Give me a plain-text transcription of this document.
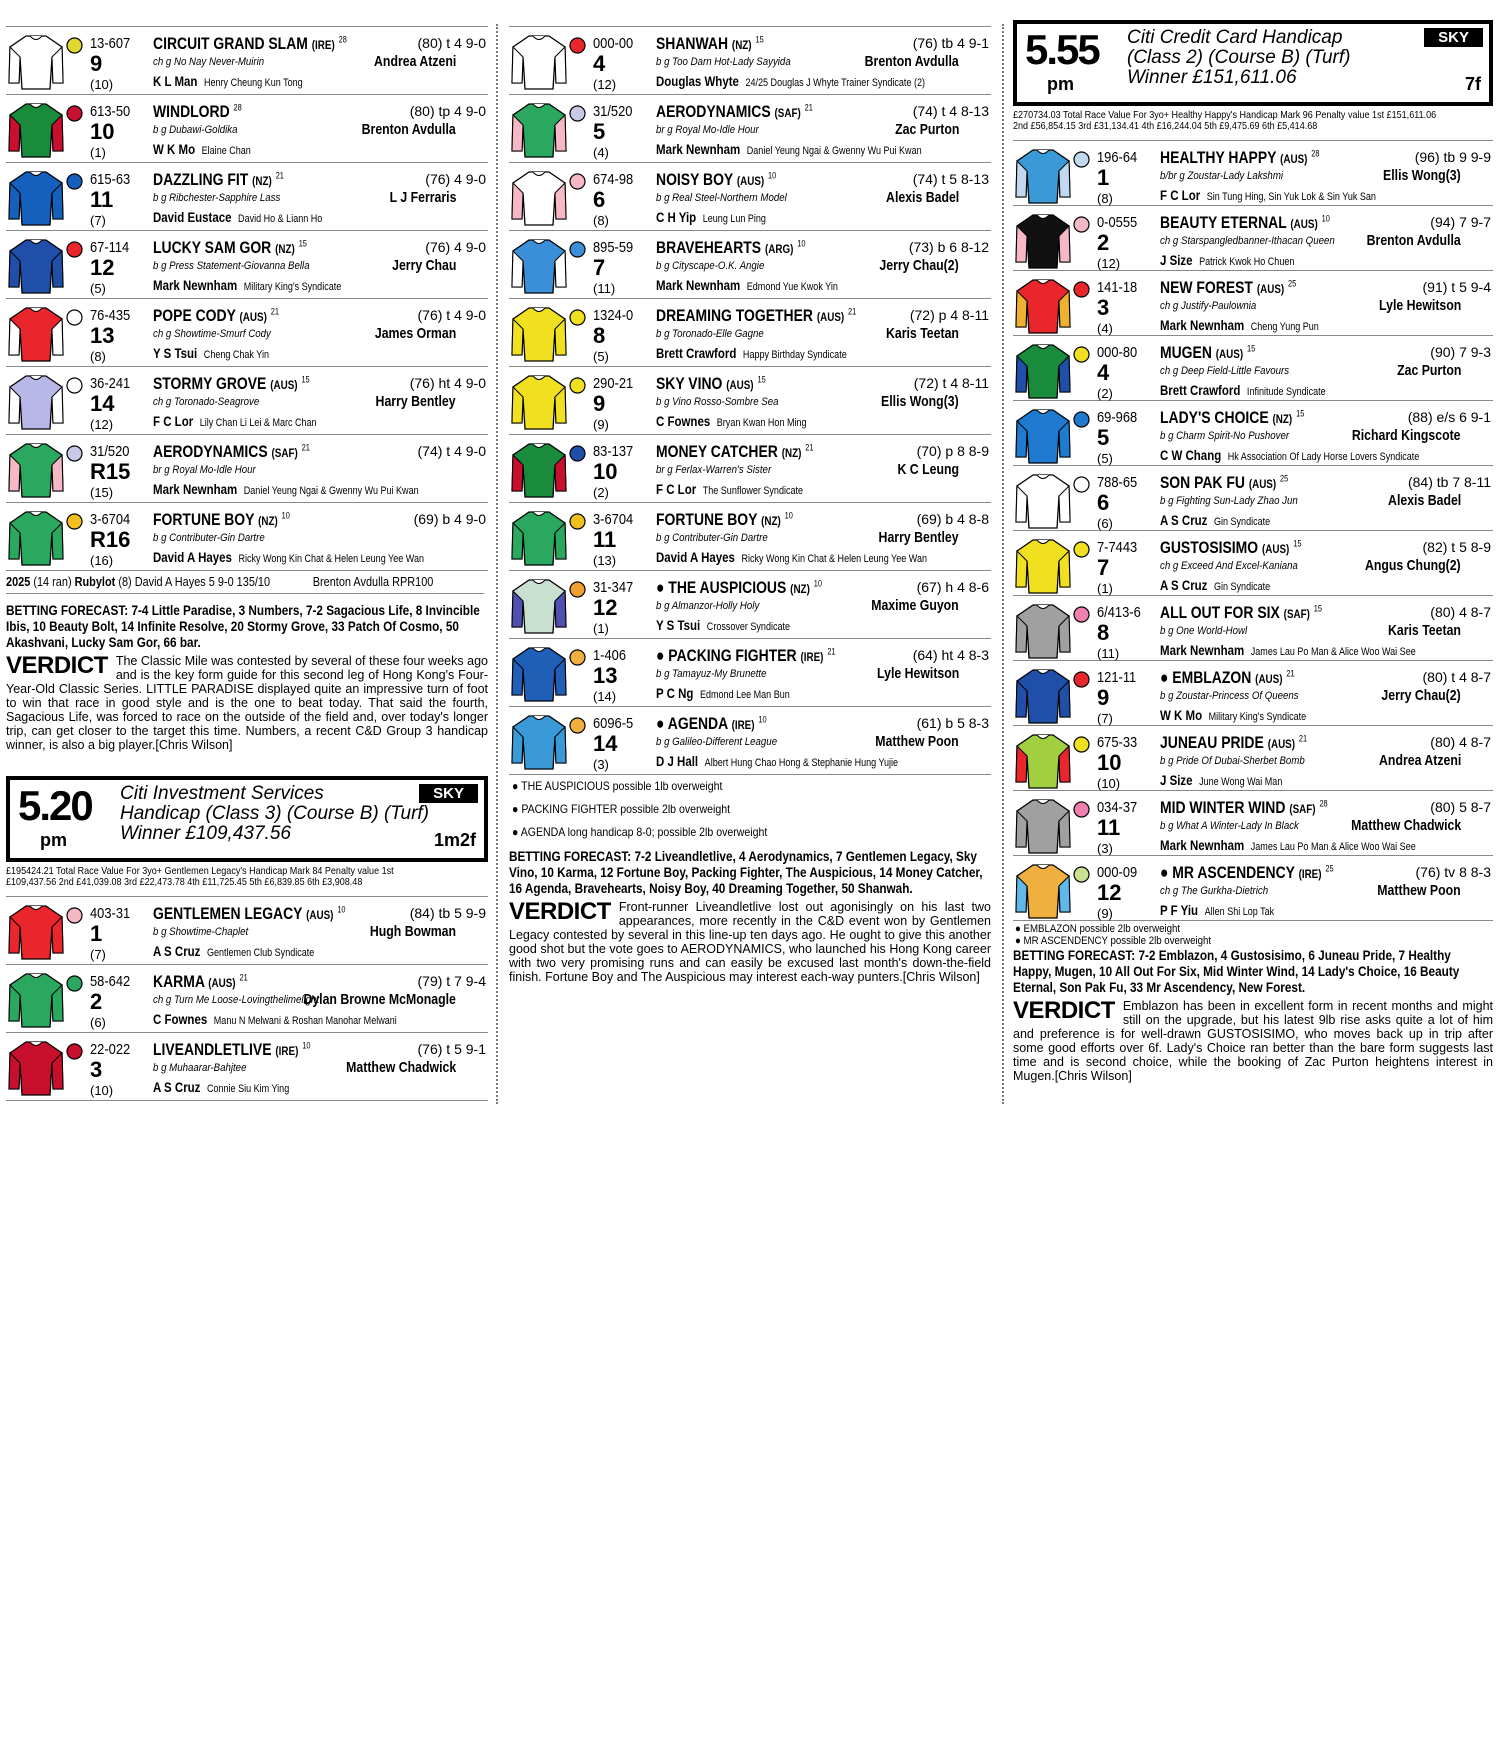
13-607
9
(10)
CIRCUIT GRAND SLAM (IRE) $^{28}$
ch g No Nay Never-Muirin
K L Man Henry Cheung Kun Tong
(80) t 4 9-0
Andrea Atzeni
613-50
10
(1)
WINDLORD $^{28}$
b g Dubawi-Goldika
W K Mo Elaine Chan
(80) tp 4 9-0
Brenton Avdulla
615-63
11
(7)
DAZZLING FIT (NZ) $^{21}$
b g Ribchester-Sapphire Lass
David Eustace David Ho & Liann Ho
(76) 4 9-0
L J Ferraris
67-114
12
(5)
LUCKY SAM GOR (NZ) $^{15}$
b g Press Statement-Giovanna Bella
Mark Newnham Military King's Syndicate
(76) 4 9-0
Jerry Chau
76-435
13
(8)
POPE CODY (AUS) $^{21}$
ch g Showtime-Smurf Cody
Y S Tsui Cheng Chak Yin
(76) t 4 9-0
James Orman
36-241
14
(12)
STORMY GROVE (AUS) $^{15}$
ch g Toronado-Seagrove
F C Lor Lily Chan Li Lei & Marc Chan
(76) ht 4 9-0
Harry Bentley
31/520
R15
(15)
AERODYNAMICS (SAF) $^{21}$
br g Royal Mo-Idle Hour
Mark Newnham Daniel Yeung Ngai & Gwenny Wu Pui Kwan
(74) t 4 9-0
3-6704
R16
(16)
FORTUNE BOY (NZ) $^{10}$
b g Contributer-Gin Dartre
David A Hayes Ricky Wong Kin Chat & Helen Leung Yee Wan
(69) b 4 9-0
2025 (14 ran) Rubylot (8) David A Hayes 5 9-0 135/10	Brenton Avdulla RPR100
BETTING FORECAST: 7-4 Little Paradise, 3 Numbers, 7-2 Sagacious Life, 8 Invincible Ibis, 10 Beauty Bolt, 14 Infinite Resolve, 20 Stormy Grove, 33 Patch Of Cosmo, 50 Akashvani, Lucky Sam Gor, 66 bar.
VERDICT The Classic Mile was contested by several of these four weeks ago and is the key form guide for this second leg of Hong Kong's Four-Year-Old Classic Series. LITTLE PARADISE displayed quite an impressive turn of foot to win that race in good style and is the one to beat today. That said the fourth, Sagacious Life, was forced to race on the outside of the field and, over today's longer trip, can get closer to the target this time. Numbers, a recent C&D Group 3 handicap winner, is also a big player.[Chris Wilson]
5.20
pm
Citi Investment Services
Handicap (Class 3) (Course B) (Turf)
Winner £109,437.56
SKY
1m2f
£195424.21 Total Race Value For 3yo+ Gentlemen Legacy's Handicap Mark 84 Penalty value 1st
£109,437.56 2nd £41,039.08 3rd £22,473.78 4th £11,725.45 5th £6,839.85 6th £3,908.48
403-31
1
(7)
GENTLEMEN LEGACY (AUS) $^{10}$
b g Showtime-Chaplet
A S Cruz Gentlemen Club Syndicate
(84) tb 5 9-9
Hugh Bowman
58-642
2
(6)
KARMA (AUS) $^{21}$
ch g Turn Me Loose-Lovingthelimelight
C Fownes Manu N Melwani & Roshan Manohar Melwani
(79) t 7 9-4
Dylan Browne McMonagle
22-022
3
(10)
LIVEANDLETLIVE (IRE) $^{10}$
b g Muhaarar-Bahjtee
A S Cruz Connie Siu Kim Ying
(76) t 5 9-1
Matthew Chadwick
000-00
4
(12)
SHANWAH (NZ) $^{15}$
b g Too Darn Hot-Lady Sayyida
Douglas Whyte 24/25 Douglas J Whyte Trainer Syndicate (2)
(76) tb 4 9-1
Brenton Avdulla
31/520
5
(4)
AERODYNAMICS (SAF) $^{21}$
br g Royal Mo-Idle Hour
Mark Newnham Daniel Yeung Ngai & Gwenny Wu Pui Kwan
(74) t 4 8-13
Zac Purton
674-98
6
(8)
NOISY BOY (AUS) $^{10}$
b g Real Steel-Northern Model
C H Yip Leung Lun Ping
(74) t 5 8-13
Alexis Badel
895-59
7
(11)
BRAVEHEARTS (ARG) $^{10}$
b g Cityscape-O.K. Angie
Mark Newnham Edmond Yue Kwok Yin
(73) b 6 8-12
Jerry Chau(2)
1324-0
8
(5)
DREAMING TOGETHER (AUS) $^{21}$
b g Toronado-Elle Gagne
Brett Crawford Happy Birthday Syndicate
(72) p 4 8-11
Karis Teetan
290-21
9
(9)
SKY VINO (AUS) $^{15}$
b g Vino Rosso-Sombre Sea
C Fownes Bryan Kwan Hon Ming
(72) t 4 8-11
Ellis Wong(3)
83-137
10
(2)
MONEY CATCHER (NZ) $^{21}$
br g Ferlax-Warren's Sister
F C Lor The Sunflower Syndicate
(70) p 8 8-9
K C Leung
3-6704
11
(13)
FORTUNE BOY (NZ) $^{10}$
b g Contributer-Gin Dartre
David A Hayes Ricky Wong Kin Chat & Helen Leung Yee Wan
(69) b 4 8-8
Harry Bentley
31-347
12
(1)
● THE AUSPICIOUS (NZ) $^{10}$
b g Almanzor-Holly Holy
Y S Tsui Crossover Syndicate
(67) h 4 8-6
Maxime Guyon
1-406
13
(14)
● PACKING FIGHTER (IRE) $^{21}$
b g Tamayuz-My Brunette
P C Ng Edmond Lee Man Bun
(64) ht 4 8-3
Lyle Hewitson
6096-5
14
(3)
● AGENDA (IRE) $^{10}$
b g Galileo-Different League
D J Hall Albert Hung Chao Hong & Stephanie Hung Yujie
(61) b 5 8-3
Matthew Poon
● THE AUSPICIOUS possible 1lb overweight
● PACKING FIGHTER possible 2lb overweight
● AGENDA long handicap 8-0; possible 2lb overweight
BETTING FORECAST: 7-2 Liveandletlive, 4 Aerodynamics, 7 Gentlemen Legacy, Sky Vino, 10 Karma, 12 Fortune Boy, Packing Fighter, The Auspicious, 14 Money Catcher, 16 Agenda, Bravehearts, Noisy Boy, 40 Dreaming Together, 50 Shanwah.
VERDICT Front-runner Liveandletlive lost out agonisingly on his last two appearances, more recently in the C&D event won by Gentlemen Legacy contested by several in this line-up ten days ago. He ought to give this another good shot but the vote goes to AERODYNAMICS, who launched his Hong Kong career with two very promising runs and can easily be excused last month's down-the-field finish. Fortune Boy and The Auspicious may interest each-way punters.[Chris Wilson]
5.55
pm
Citi Credit Card Handicap
(Class 2) (Course B) (Turf)
Winner £151,611.06
SKY
7f
£270734.03 Total Race Value For 3yo+ Healthy Happy's Handicap Mark 96 Penalty value 1st £151,611.06
2nd £56,854.15 3rd £31,134.41 4th £16,244.04 5th £9,475.69 6th £5,414.68
196-64
1
(8)
HEALTHY HAPPY (AUS) $^{28}$
b/br g Zoustar-Lady Lakshmi
F C Lor Sin Tung Hing, Sin Yuk Lok & Sin Yuk San
(96) tb 9 9-9
Ellis Wong(3)
0-0555
2
(12)
BEAUTY ETERNAL (AUS) $^{10}$
ch g Starspangledbanner-Ithacan Queen
J Size Patrick Kwok Ho Chuen
(94) 7 9-7
Brenton Avdulla
141-18
3
(4)
NEW FOREST (AUS) $^{25}$
ch g Justify-Paulownia
Mark Newnham Cheng Yung Pun
(91) t 5 9-4
Lyle Hewitson
000-80
4
(2)
MUGEN (AUS) $^{15}$
ch g Deep Field-Little Favours
Brett Crawford Infinitude Syndicate
(90) 7 9-3
Zac Purton
69-968
5
(5)
LADY'S CHOICE (NZ) $^{15}$
b g Charm Spirit-No Pushover
C W Chang Hk Association Of Lady Horse Lovers Syndicate
(88) e/s 6 9-1
Richard Kingscote
788-65
6
(6)
SON PAK FU (AUS) $^{25}$
b g Fighting Sun-Lady Zhao Jun
A S Cruz Gin Syndicate
(84) tb 7 8-11
Alexis Badel
7-7443
7
(1)
GUSTOSISIMO (AUS) $^{15}$
ch g Exceed And Excel-Kaniana
A S Cruz Gin Syndicate
(82) t 5 8-9
Angus Chung(2)
6/413-6
8
(11)
ALL OUT FOR SIX (SAF) $^{15}$
b g One World-Howl
Mark Newnham James Lau Po Man & Alice Woo Wai See
(80) 4 8-7
Karis Teetan
121-11
9
(7)
● EMBLAZON (AUS) $^{21}$
b g Zoustar-Princess Of Queens
W K Mo Military King's Syndicate
(80) t 4 8-7
Jerry Chau(2)
675-33
10
(10)
JUNEAU PRIDE (AUS) $^{21}$
b g Pride Of Dubai-Sherbet Bomb
J Size June Wong Wai Man
(80) 4 8-7
Andrea Atzeni
034-37
11
(3)
MID WINTER WIND (SAF) $^{28}$
b g What A Winter-Lady In Black
Mark Newnham James Lau Po Man & Alice Woo Wai See
(80) 5 8-7
Matthew Chadwick
000-09
12
(9)
● MR ASCENDENCY (IRE) $^{25}$
ch g The Gurkha-Dietrich
P F Yiu Allen Shi Lop Tak
(76) tv 8 8-3
Matthew Poon
● EMBLAZON possible 2lb overweight
● MR ASCENDENCY possible 2lb overweight
BETTING FORECAST: 7-2 Emblazon, 4 Gustosisimo, 6 Juneau Pride, 7 Healthy Happy, Mugen, 10 All Out For Six, Mid Winter Wind, 14 Lady's Choice, 16 Beauty Eternal, Son Pak Fu, 33 Mr Ascendency, New Forest.
VERDICT Emblazon has been in excellent form in recent months and might still on the upgrade, but his latest 9lb rise asks quite a lot of him and preference is for well-drawn GUSTOSISIMO, who moves back up in trip after some good efforts over 6f. Lady's Choice ran better than the bare form suggests last time and is second choice, while the booking of Zac Purton heightens interest in Mugen.[Chris Wilson]
